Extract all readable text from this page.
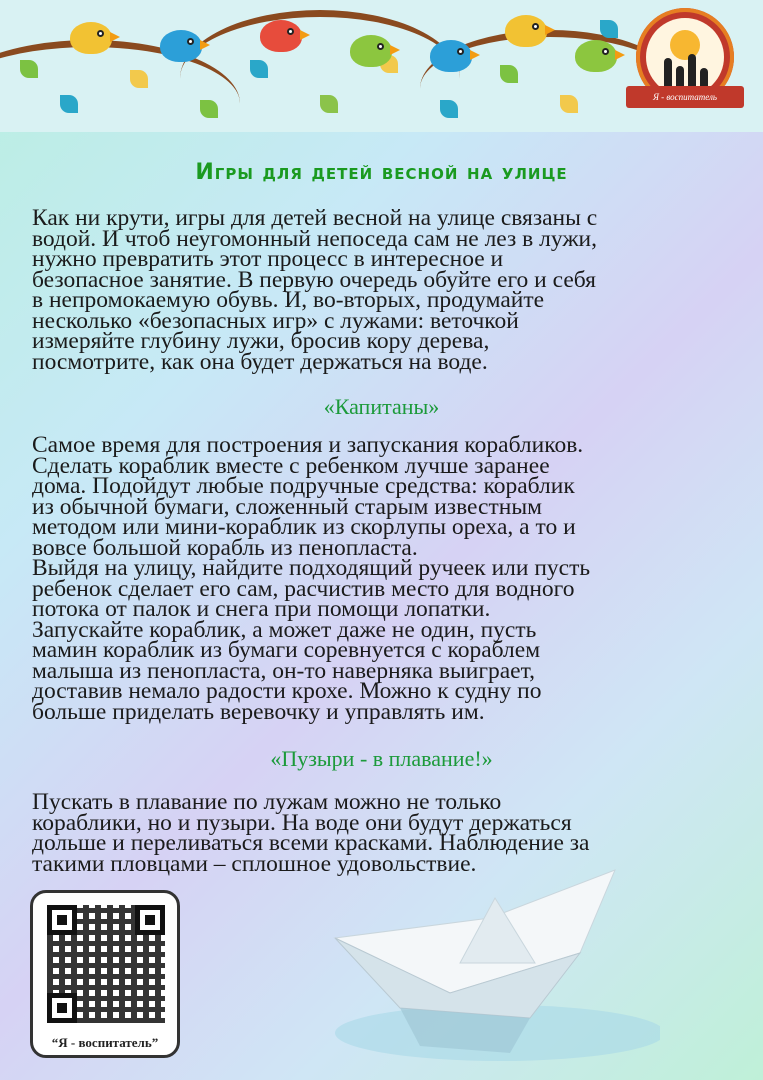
Я - воспитатель
Игры для детей весной на улице
Как ни крути, игры для детей весной на улице связаны с
водой. И чтоб неугомонный непоседа сам не лез в лужи,
нужно превратить этот процесс в интересное и
безопасное занятие. В первую очередь обуйте его и себя
в непромокаемую обувь. И, во-вторых, продумайте
несколько «безопасных игр» с лужами: веточкой
измеряйте глубину лужи, бросив кору дерева,
посмотрите, как она будет держаться на воде.
«Капитаны»
Самое время для построения и запускания корабликов.
Сделать кораблик вместе с ребенком лучше заранее
дома. Подойдут любые подручные средства: кораблик
из обычной бумаги, сложенный старым известным
методом или мини-кораблик из скорлупы ореха, а то и
вовсе большой корабль из пенопласта.
Выйдя на улицу, найдите подходящий ручеек или пусть
ребенок сделает его сам, расчистив место для водного
потока от палок и снега при помощи лопатки.
Запускайте кораблик, а может даже не один, пусть
мамин кораблик из бумаги соревнуется с кораблем
малыша из пенопласта, он-то наверняка выиграет,
доставив немало радости крохе. Можно к судну по
больше приделать веревочку и управлять им.
«Пузыри - в плавание!»
Пускать в плавание по лужам можно не только
кораблики, но и пузыри. На воде они будут держаться
дольше и переливаться всеми красками. Наблюдение за
такими пловцами – сплошное удовольствие.
“Я - воспитатель”
